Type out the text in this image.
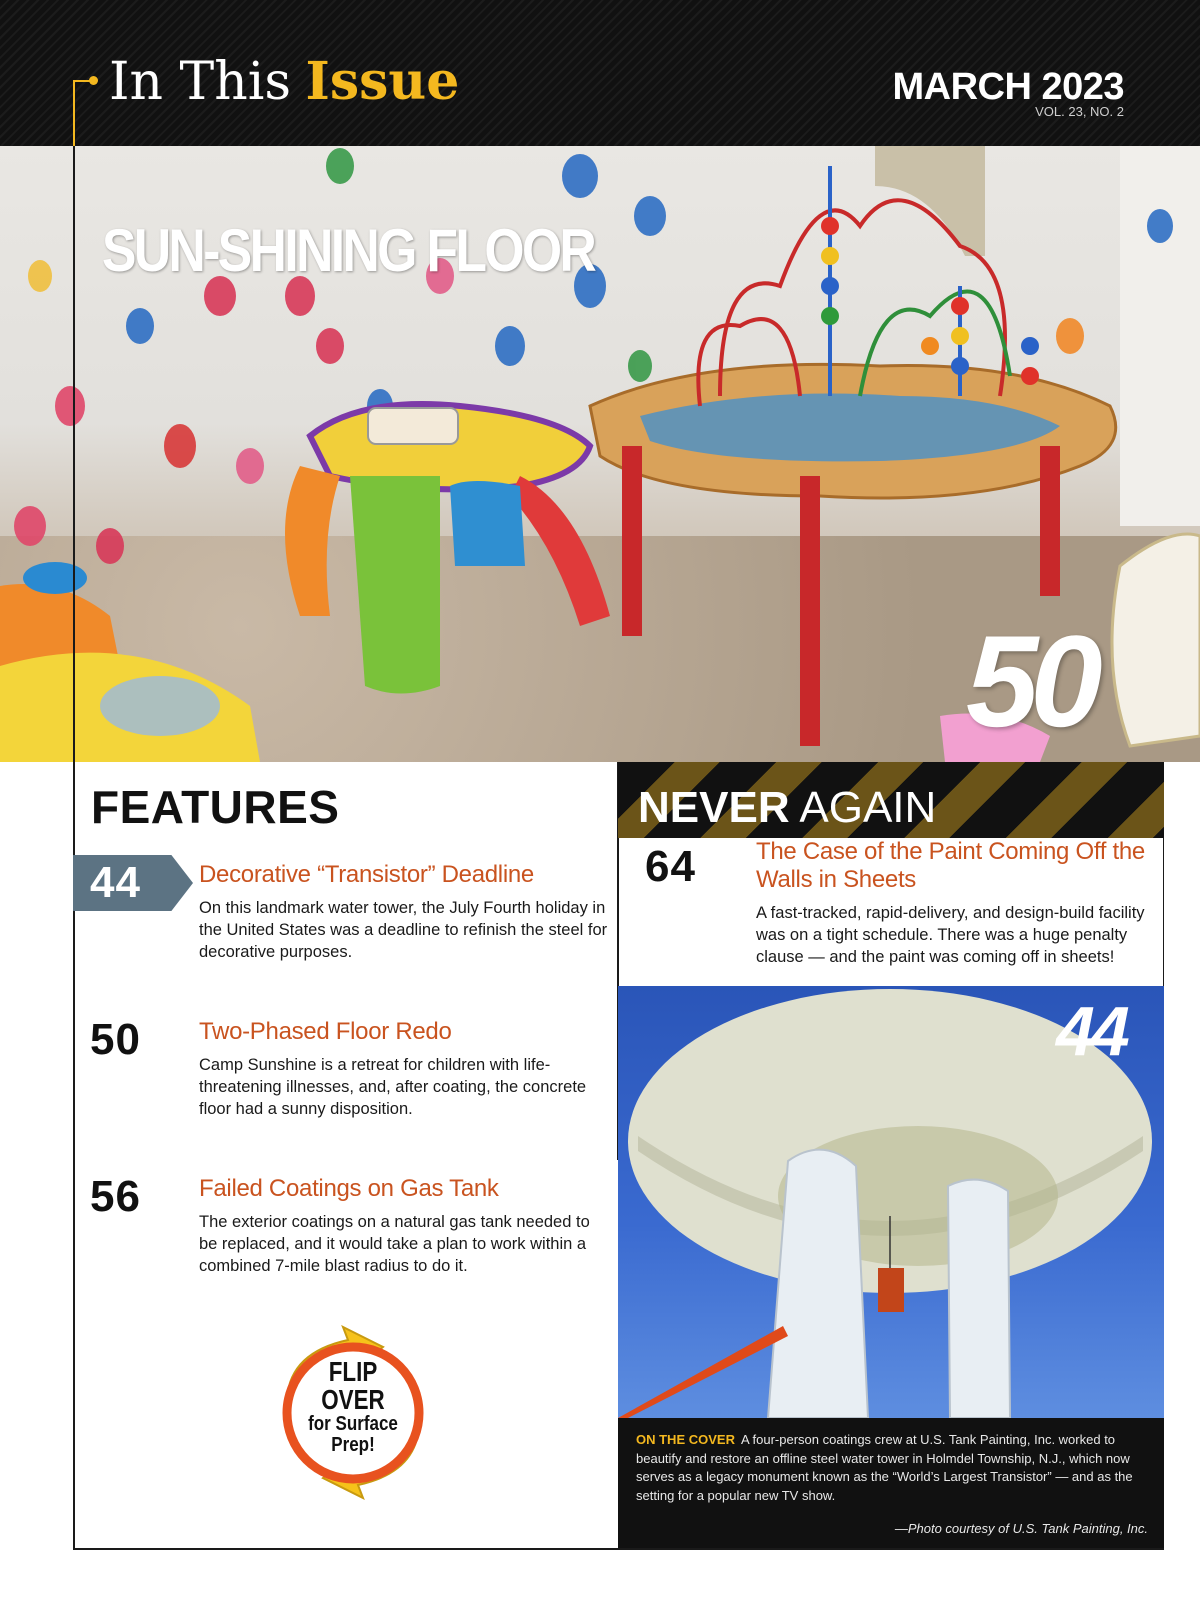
In This Issue	MARCH 2023
VOL. 23, NO. 2
SUN-SHINING FLOOR
50
FEATURES
44 Decorative “Transistor” Deadline
On this landmark water tower, the July Fourth holiday in the United States was a deadline to refinish the steel for decorative purposes.
50 Two-Phased Floor Redo
Camp Sunshine is a retreat for children with life-threatening illnesses, and, after coating, the concrete floor had a sunny disposition.
56 Failed Coatings on Gas Tank
The exterior coatings on a natural gas tank needed to be replaced, and it would take a plan to work within a combined 7-mile blast radius to do it.
FLIP
OVER
for Surface
Prep!
NEVER AGAIN
64	The Case of the Paint Coming Off the Walls in Sheets
A fast-tracked, rapid-delivery, and design-build facility was on a tight schedule. There was a huge penalty clause — and the paint was coming off in sheets!
44
ON THE COVER A four-person coatings crew at U.S. Tank Painting, Inc. worked to beautify and restore an offline steel water tower in Holmdel Township, N.J., which now serves as a legacy monument known as the “World’s Largest Transistor” — and as the setting for a popular new TV show.
—Photo courtesy of U.S. Tank Painting, Inc.
